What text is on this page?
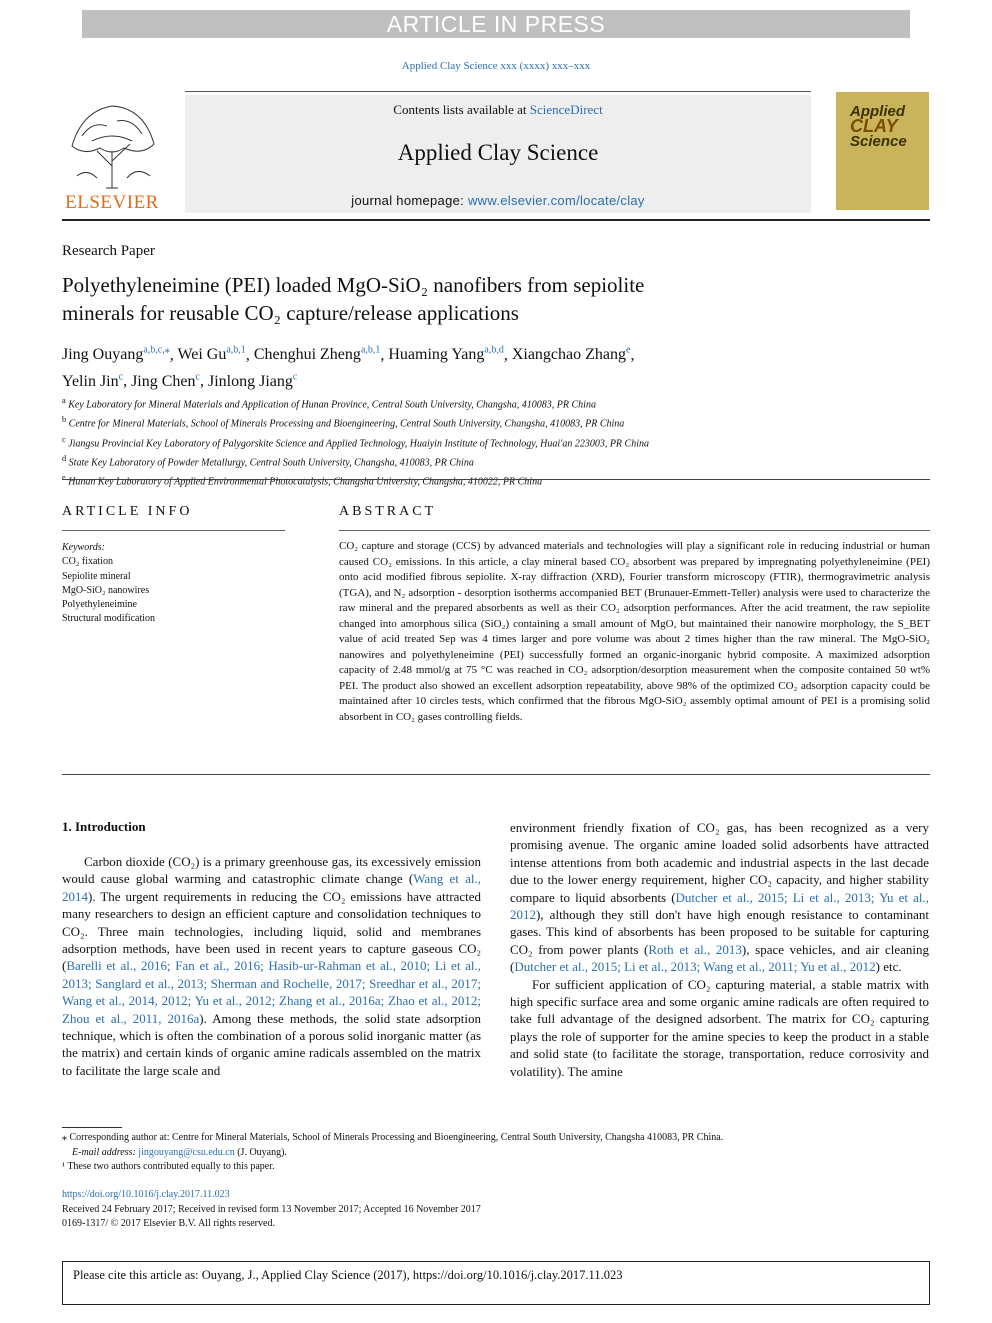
ARTICLE IN PRESS
Applied Clay Science xxx (xxxx) xxx–xxx
ELSEVIER
Contents lists available at ScienceDirect
Applied Clay Science
journal homepage: www.elsevier.com/locate/clay
Applied
CLAY
Science
Research Paper
Polyethyleneimine (PEI) loaded MgO-SiO₂ nanofibers from sepiolite
minerals for reusable CO₂ capture/release applications
Jing Ouyang$^{a,b,c,⁎}$, Wei Gu$^{a,b,1}$, Chenghui Zheng$^{a,b,1}$, Huaming Yang$^{a,b,d}$, Xiangchao Zhang$^e$,
Yelin Jin$^c$, Jing Chen$^c$, Jinlong Jiang$^c$
$^a$ Key Laboratory for Mineral Materials and Application of Hunan Province, Central South University, Changsha, 410083, PR China
$^b$ Centre for Mineral Materials, School of Minerals Processing and Bioengineering, Central South University, Changsha, 410083, PR China
$^c$ Jiangsu Provincial Key Laboratory of Palygorskite Science and Applied Technology, Huaiyin Institute of Technology, Huai'an 223003, PR China
$^d$ State Key Laboratory of Powder Metallurgy, Central South University, Changsha, 410083, PR China
$^e$ Hunan Key Laboratory of Applied Environmental Photocatalysis, Changsha University, Changsha, 410022, PR China
ARTICLE INFO	ABSTRACT
Keywords:
CO₂ fixation
Sepiolite mineral
MgO-SiO₂ nanowires
Polyethyleneimine
Structural modification
CO₂ capture and storage (CCS) by advanced materials and technologies will play a significant role in reducing industrial or human caused CO₂ emissions. In this article, a clay mineral based CO₂ absorbent was prepared by impregnating polyethyleneimine (PEI) onto acid modified fibrous sepiolite. X-ray diffraction (XRD), Fourier transform microscopy (FTIR), thermogravimetric analysis (TGA), and N₂ adsorption - desorption isotherms accompanied BET (Brunauer-Emmett-Teller) analysis were used to characterize the raw mineral and the prepared absorbents as well as their CO₂ adsorption performances. After the acid treatment, the raw sepiolite changed into amorphous silica (SiO₂) containing a small amount of MgO, but maintained their nanowire morphology, the S_BET value of acid treated Sep was 4 times larger and pore volume was about 2 times higher than the raw mineral. The MgO-SiO₂ nanowires and polyethyleneimine (PEI) successfully formed an organic-inorganic hybrid composite. A maximized adsorption capacity of 2.48 mmol/g at 75 °C was reached in CO₂ adsorption/desorption measurement when the composite contained 50 wt% PEI. The product also showed an excellent adsorption repeatability, above 98% of the optimized CO₂ adsorption capacity could be maintained after 10 circles tests, which confirmed that the fibrous MgO-SiO₂ assembly optimal amount of PEI is a promising solid absorbent in CO₂ gases controlling fields.
1. Introduction

Carbon dioxide (CO₂) is a primary greenhouse gas, its excessively emission would cause global warming and catastrophic climate change (Wang et al., 2014). The urgent requirements in reducing the CO₂ emissions have attracted many researchers to design an efficient capture and consolidation techniques to CO₂. Three main technologies, including liquid, solid and membranes adsorption methods, have been used in recent years to capture gaseous CO₂ (Barelli et al., 2016; Fan et al., 2016; Hasib-ur-Rahman et al., 2010; Li et al., 2013; Sanglard et al., 2013; Sherman and Rochelle, 2017; Sreedhar et al., 2017; Wang et al., 2014, 2012; Yu et al., 2012; Zhang et al., 2016a; Zhao et al., 2012; Zhou et al., 2011, 2016a). Among these methods, the solid state adsorption technique, which is often the combination of a porous solid inorganic matter (as the matrix) and certain kinds of organic amine radicals assembled on the matrix to facilitate the large scale and

environment friendly fixation of CO₂ gas, has been recognized as a very promising avenue. The organic amine loaded solid adsorbents have attracted intense attentions from both academic and industrial aspects in the last decade due to the lower energy requirement, higher CO₂ capacity, and higher stability compare to liquid absorbents (Dutcher et al., 2015; Li et al., 2013; Yu et al., 2012), although they still don't have high enough resistance to contaminant gases. This kind of absorbents has been proposed to be suitable for capturing CO₂ from power plants (Roth et al., 2013), space vehicles, and air cleaning (Dutcher et al., 2015; Li et al., 2013; Wang et al., 2011; Yu et al., 2012) etc.

For sufficient application of CO₂ capturing material, a stable matrix with high specific surface area and some organic amine radicals are often required to take full advantage of the designed adsorbent. The matrix for CO₂ capturing plays the role of supporter for the amine species to keep the product in a stable and solid state (to facilitate the storage, transportation, reduce corrosivity and volatility). The amine

⁎ Corresponding author at: Centre for Mineral Materials, School of Minerals Processing and Bioengineering, Central South University, Changsha 410083, PR China.
E-mail address: jingouyang@csu.edu.cn (J. Ouyang).
¹ These two authors contributed equally to this paper.
https://doi.org/10.1016/j.clay.2017.11.023
Received 24 February 2017; Received in revised form 13 November 2017; Accepted 16 November 2017
0169-1317/ © 2017 Elsevier B.V. All rights reserved.
Please cite this article as: Ouyang, J., Applied Clay Science (2017), https://doi.org/10.1016/j.clay.2017.11.023
